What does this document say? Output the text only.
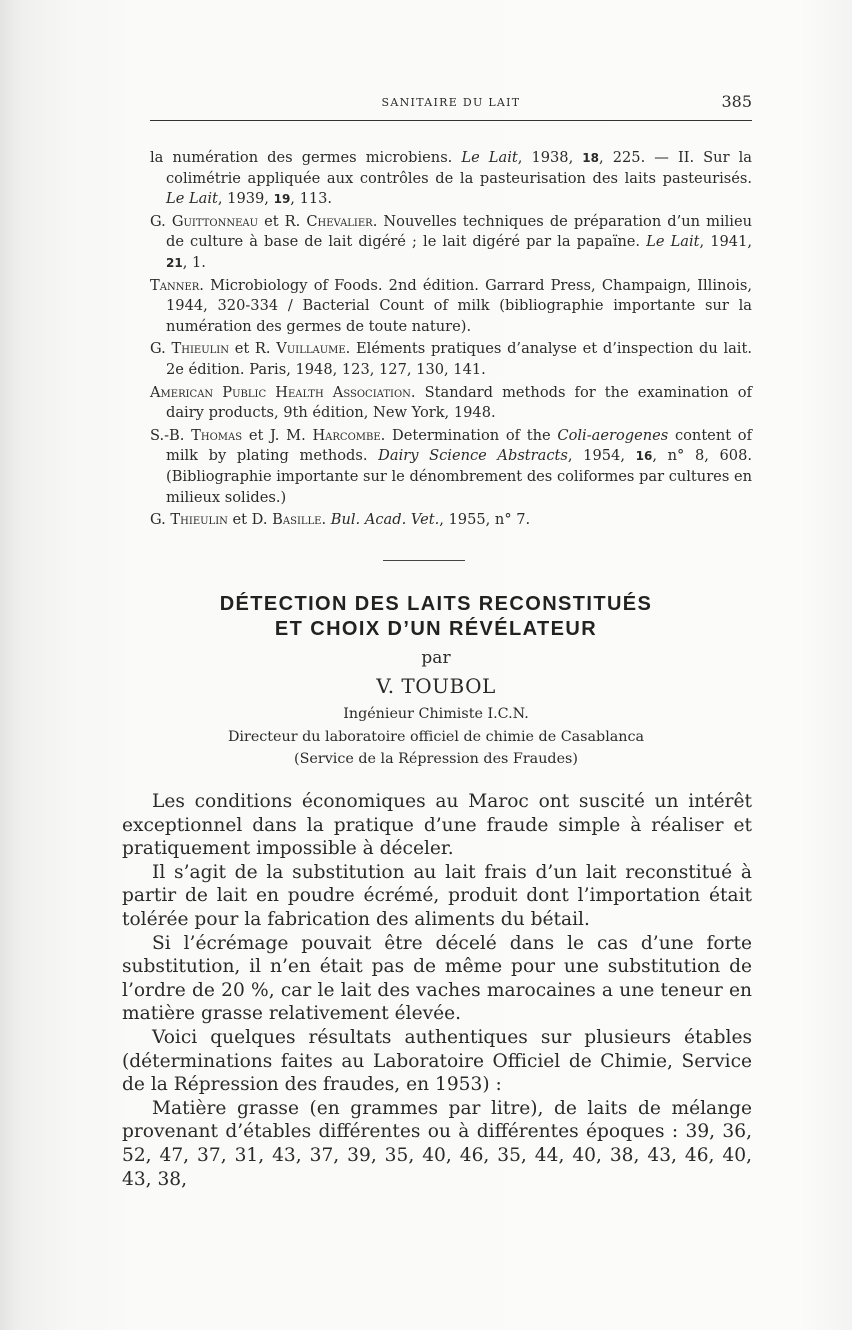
SANITAIRE DU LAIT	385

la numération des germes microbiens. Le Lait, 1938, 18, 225. — II. Sur la colimétrie appliquée aux contrôles de la pasteurisation des laits pasteurisés. Le Lait, 1939, 19, 113.

G. Guittonneau et R. Chevalier. Nouvelles techniques de préparation d’un milieu de culture à base de lait digéré ; le lait digéré par la papaïne. Le Lait, 1941, 21, 1.

Tanner. Microbiology of Foods. 2nd édition. Garrard Press, Champaign, Illinois, 1944, 320-334 / Bacterial Count of milk (bibliographie importante sur la numération des germes de toute nature).

G. Thieulin et R. Vuillaume. Eléments pratiques d’analyse et d’inspection du lait. 2e édition. Paris, 1948, 123, 127, 130, 141.

American Public Health Association. Standard methods for the examination of dairy products, 9th édition, New York, 1948.

S.-B. Thomas et J. M. Harcombe. Determination of the Coli-aerogenes content of milk by plating methods. Dairy Science Abstracts, 1954, 16, n° 8, 608. (Bibliographie importante sur le dénombrement des coliformes par cultures en milieux solides.)

G. Thieulin et D. Basille. Bul. Acad. Vet., 1955, n° 7.

DÉTECTION DES LAITS RECONSTITUÉS
ET CHOIX D’UN RÉVÉLATEUR
par
V. TOUBOL
Ingénieur Chimiste I.C.N.
Directeur du laboratoire officiel de chimie de Casablanca
(Service de la Répression des Fraudes)

Les conditions économiques au Maroc ont suscité un intérêt exceptionnel dans la pratique d’une fraude simple à réaliser et pratiquement impossible à déceler.

Il s’agit de la substitution au lait frais d’un lait reconstitué à partir de lait en poudre écrémé, produit dont l’importation était tolérée pour la fabrication des aliments du bétail.

Si l’écrémage pouvait être décelé dans le cas d’une forte substitution, il n’en était pas de même pour une substitution de l’ordre de 20 %, car le lait des vaches marocaines a une teneur en matière grasse relativement élevée.

Voici quelques résultats authentiques sur plusieurs étables (déterminations faites au Laboratoire Officiel de Chimie, Service de la Répression des fraudes, en 1953) :

Matière grasse (en grammes par litre), de laits de mélange provenant d’étables différentes ou à différentes époques : 39, 36, 52, 47, 37, 31, 43, 37, 39, 35, 40, 46, 35, 44, 40, 38, 43, 46, 40, 43, 38,
